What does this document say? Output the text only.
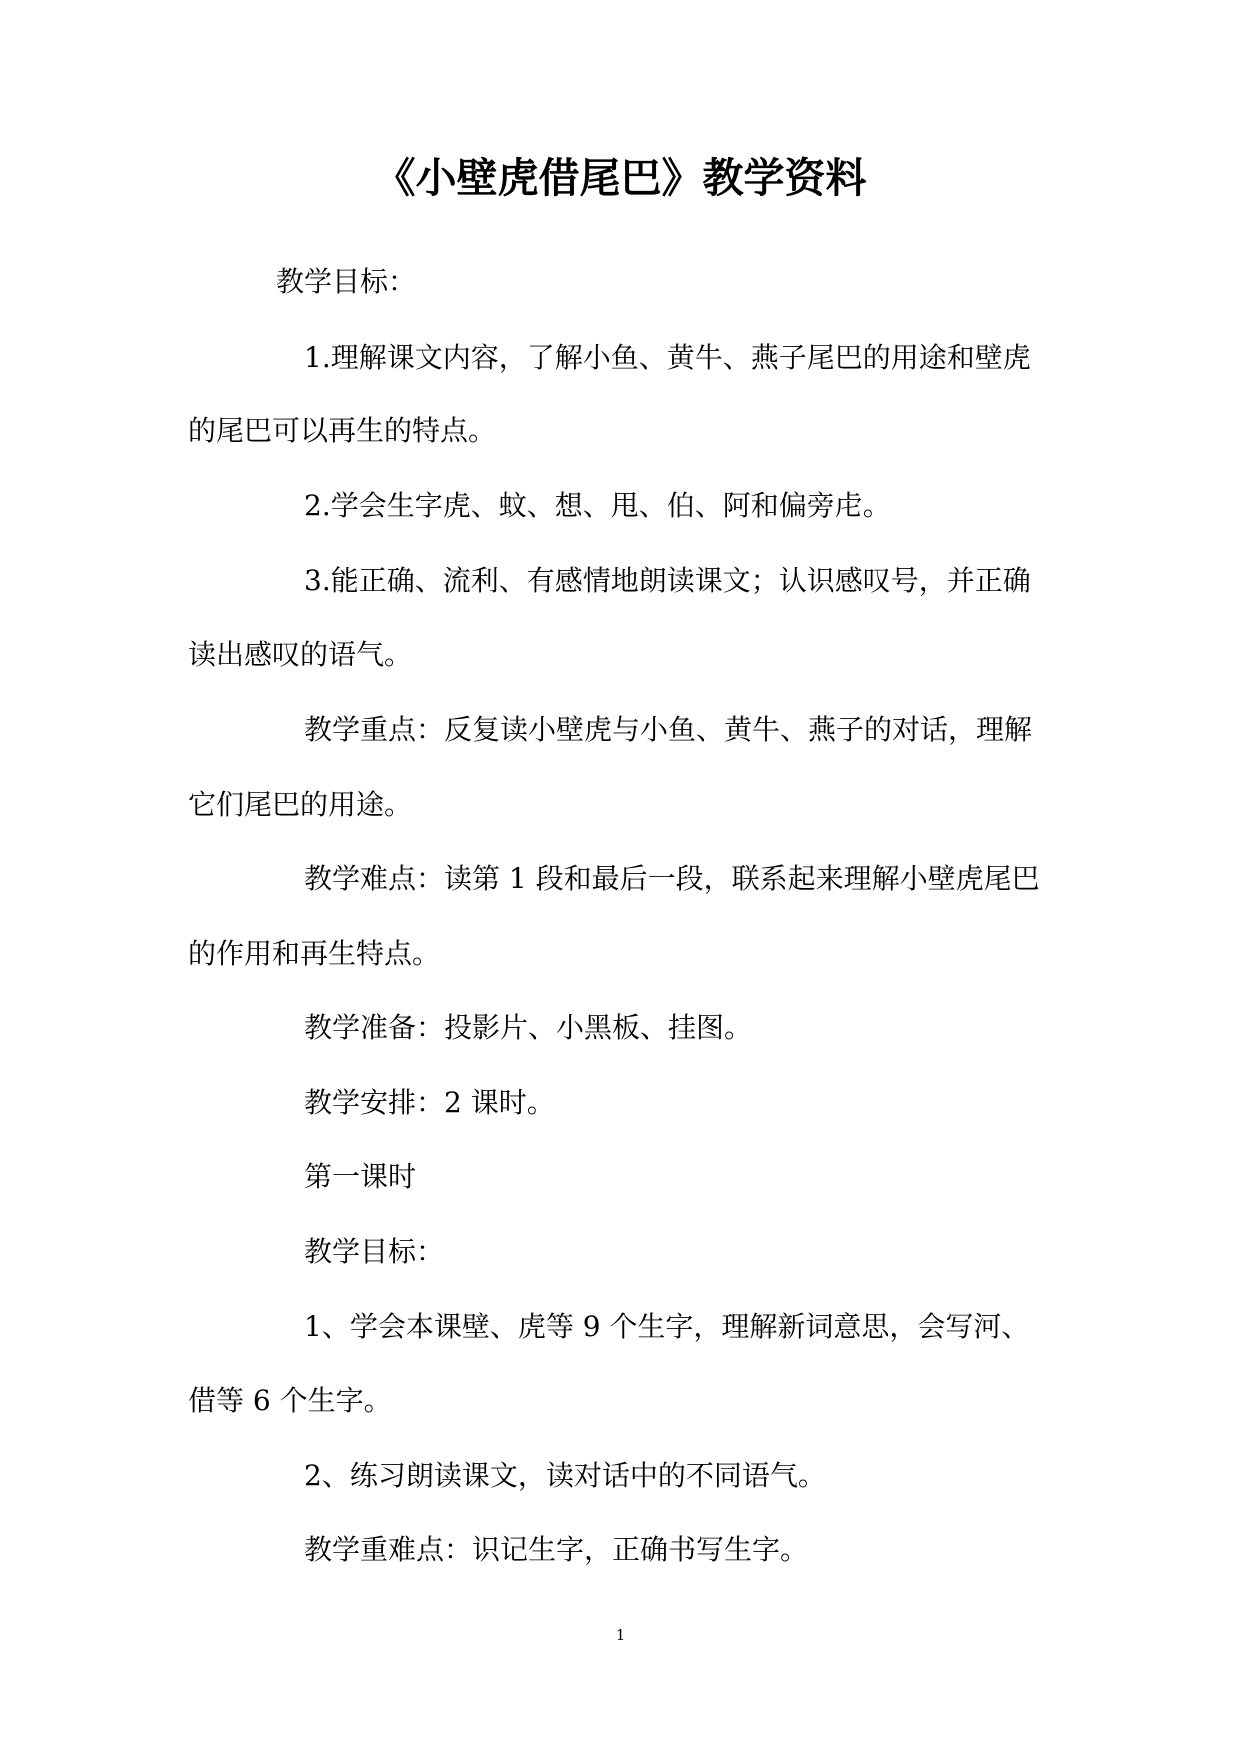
《小壁虎借尾巴》教学资料
教学目标：
1.理解课文内容，了解小鱼、黄牛、燕子尾巴的用途和壁虎
的尾巴可以再生的特点。
2.学会生字虎、蚊、想、甩、伯、阿和偏旁虍。
3.能正确、流利、有感情地朗读课文；认识感叹号，并正确
读出感叹的语气。
教学重点：反复读小壁虎与小鱼、黄牛、燕子的对话，理解
它们尾巴的用途。
教学难点：读第 1 段和最后一段，联系起来理解小壁虎尾巴
的作用和再生特点。
教学准备：投影片、小黑板、挂图。
教学安排：2 课时。
第一课时
教学目标：
1、学会本课壁、虎等 9 个生字，理解新词意思，会写河、
借等 6 个生字。
2、练习朗读课文，读对话中的不同语气。
教学重难点：识记生字，正确书写生字。
1
